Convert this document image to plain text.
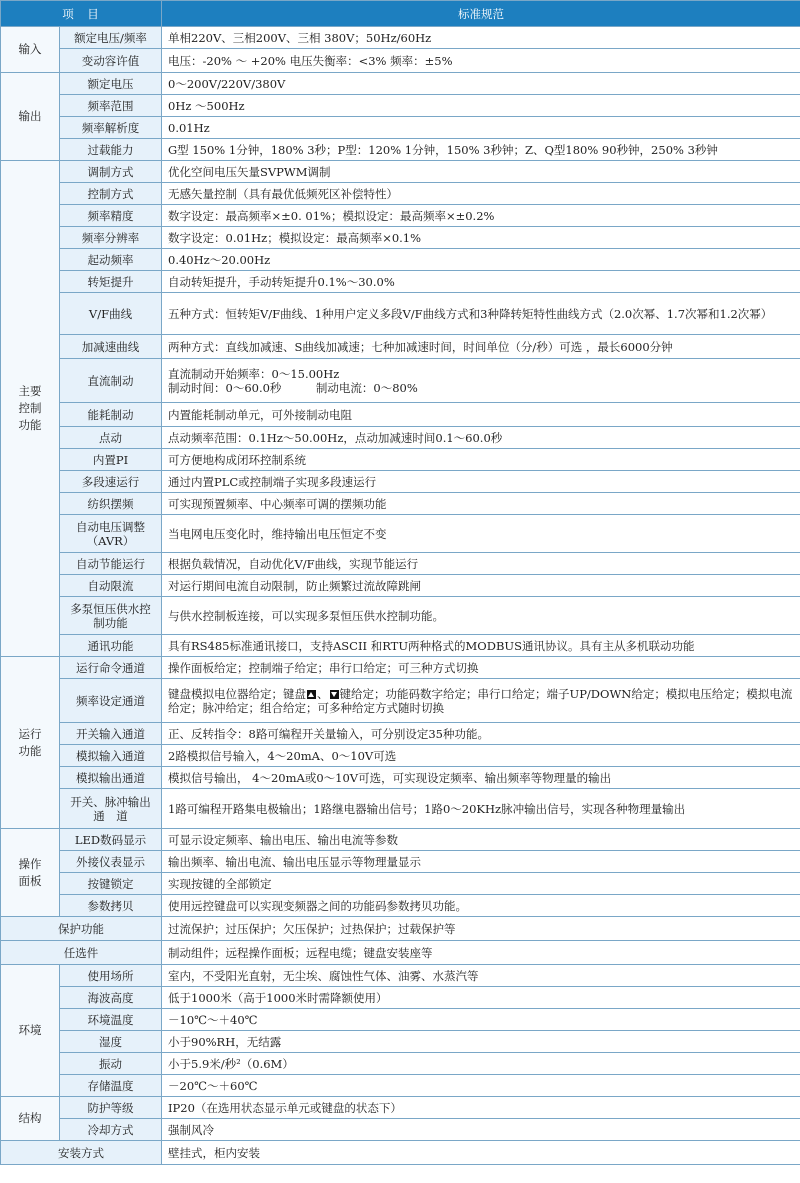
项　目		标准规范
输入	额定电压/频率	单相220V、三相200V、三相 380V；50Hz/60Hz
	变动容许值	电压：-20% ～ +20% 电压失衡率：<3% 频率：±5%
输出	额定电压	0～200V/220V/380V
	频率范围	0Hz ～500Hz
	频率解析度	0.01Hz
	过载能力	G型 150% 1分钟，180% 3秒；P型：120% 1分钟，150% 3秒钟；Z、Q型180% 90秒钟，250% 3秒钟
主要控制功能	调制方式	优化空间电压矢量SVPWM调制
	控制方式	无感矢量控制（具有最优低频死区补偿特性）
	频率精度	数字设定：最高频率×±0. 01%；模拟设定：最高频率×±0.2%
	频率分辨率	数字设定：0.01Hz；模拟设定：最高频率×0.1%
	起动频率	0.40Hz～20.00Hz
	转矩提升	自动转矩提升，手动转矩提升0.1%～30.0%
	V/F曲线	五种方式：恒转矩V/F曲线、1种用户定义多段V/F曲线方式和3种降转矩特性曲线方式（2.0次幂、1.7次幂和1.2次幂）
	加减速曲线	两种方式：直线加减速、S曲线加减速；七种加减速时间，时间单位（分/秒）可选 ，最长6000分钟
	直流制动	直流制动开始频率：0～15.00Hz
制动时间：0～60.0秒　　　制动电流：0～80%

	能耗制动	内置能耗制动单元，可外接制动电阻
	点动	点动频率范围：0.1Hz～50.00Hz，点动加减速时间0.1～60.0秒
	内置PI	可方便地构成闭环控制系统
	多段速运行	通过内置PLC或控制端子实现多段速运行
	纺织摆频	可实现预置频率、中心频率可调的摆频功能
	自动电压调整（AVR）	当电网电压变化时，维持输出电压恒定不变
	自动节能运行	根据负载情况，自动优化V/F曲线，实现节能运行
	自动限流	对运行期间电流自动限制，防止频繁过流故障跳闸
	多泵恒压供水控制功能	与供水控制板连接，可以实现多泵恒压供水控制功能。
	通讯功能	具有RS485标准通讯接口，支持ASCII 和RTU两种格式的MODBUS通讯协议。具有主从多机联动功能
运行功能	运行命令通道	操作面板给定；控制端子给定；串行口给定；可三种方式切换
	频率设定通道	键盘模拟电位器给定；键盘 、 键给定；功能码数字给定；串行口给定；端子UP/DOWN给定；模拟电压给定；模拟电流给定；脉冲给定；组合给定；可多种给定方式随时切换
	开关输入通道	正、反转指令：8路可编程开关量输入，可分别设定35种功能。
	模拟输入通道	2路模拟信号输入，4～20mA、0～10V可选
	模拟输出通道	模拟信号输出， 4～20mA或0～10V可选，可实现设定频率、输出频率等物理量的输出
	开关、脉冲输出通　道	1路可编程开路集电极输出；1路继电器输出信号；1路0～20KHz脉冲输出信号，实现各种物理量输出
操作面板	LED数码显示	可显示设定频率、输出电压、输出电流等参数
	外接仪表显示	输出频率、输出电流、输出电压显示等物理量显示
	按键锁定	实现按键的全部锁定
	参数拷贝	使用远控键盘可以实现变频器之间的功能码参数拷贝功能。
保护功能		过流保护；过压保护；欠压保护；过热保护；过载保护等
任选件		制动组件；远程操作面板；远程电缆；键盘安装座等
环境	使用场所	室内，不受阳光直射，无尘埃、腐蚀性气体、油雾、水蒸汽等
	海波高度	低于1000米（高于1000米时需降额使用）
	环境温度	－10℃～＋40℃
	湿度	小于90%RH，无结露
	振动	小于5.9米/秒²（0.6M）
	存储温度	－20℃～＋60℃
结构	防护等级	IP20（在选用状态显示单元或键盘的状态下）
	冷却方式	强制风冷
安装方式		壁挂式，柜内安装
